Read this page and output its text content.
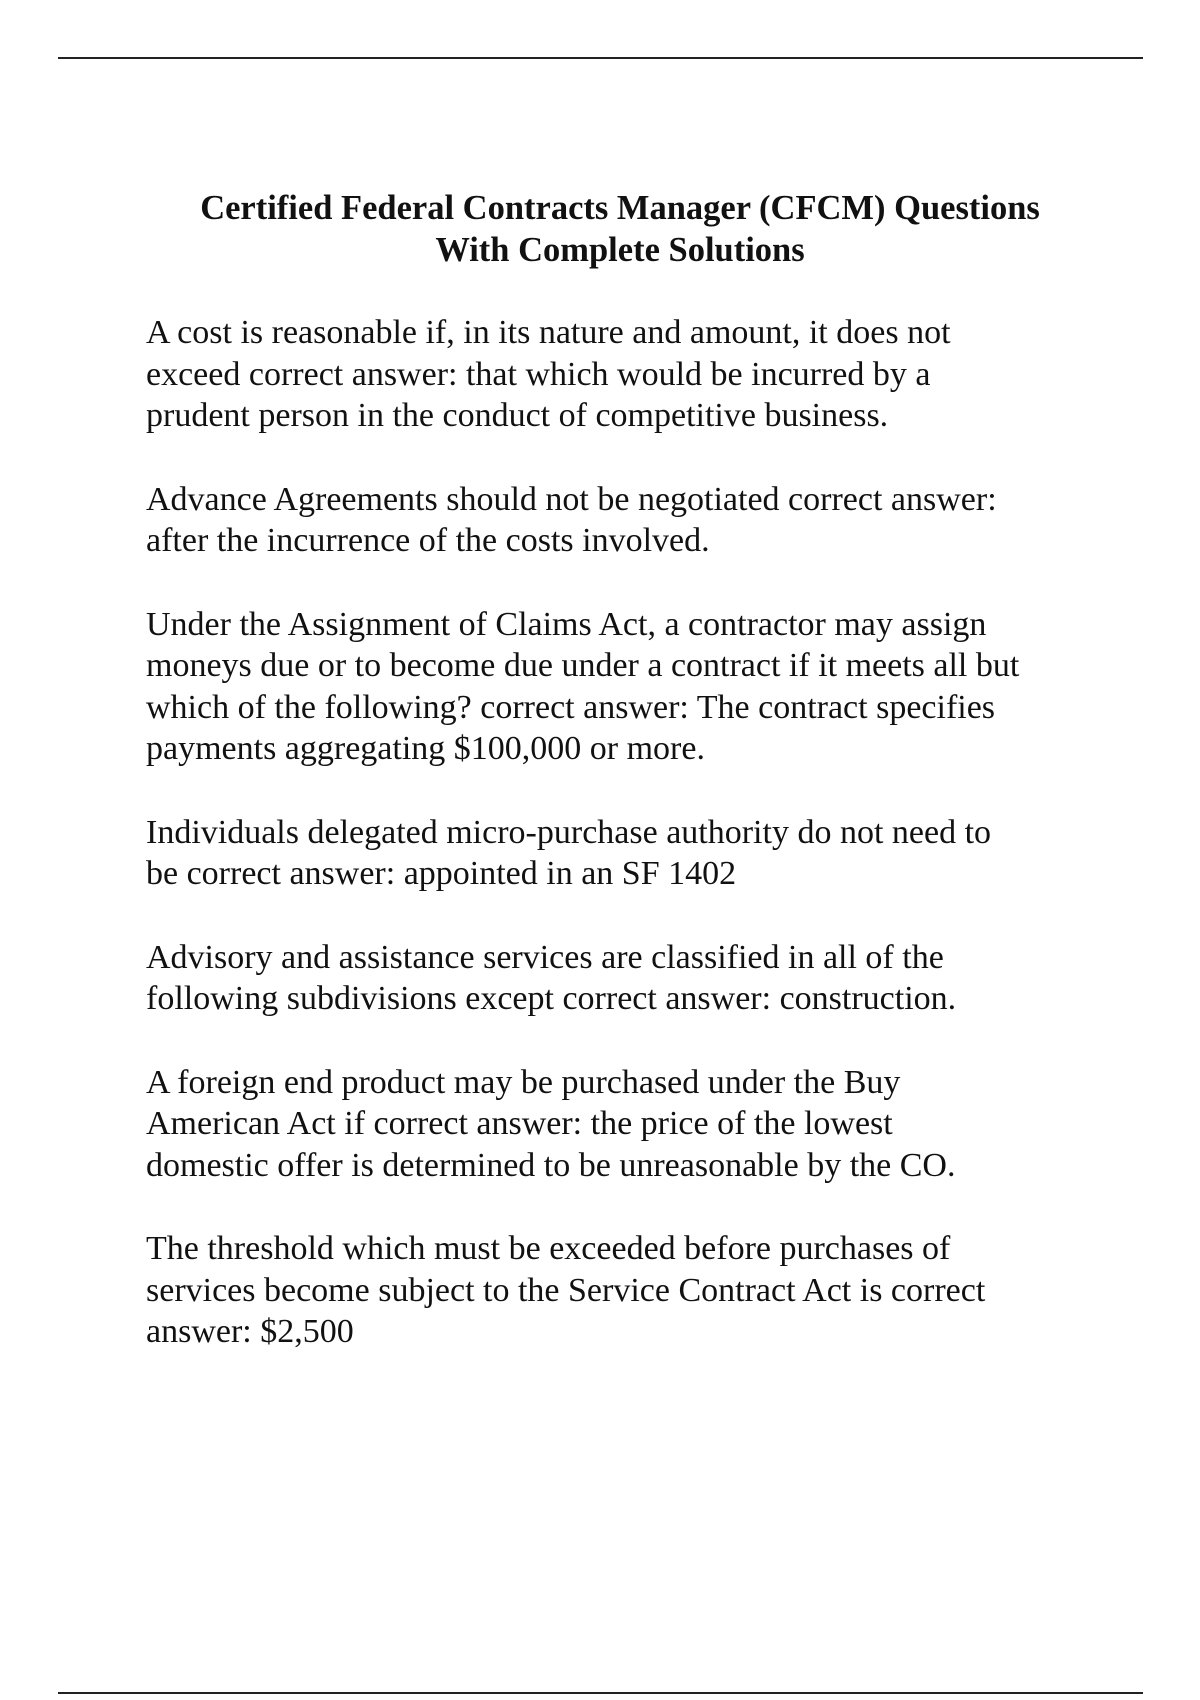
Certified Federal Contracts Manager (CFCM) Questions
With Complete Solutions

A cost is reasonable if, in its nature and amount, it does not
exceed correct answer: that which would be incurred by a
prudent person in the conduct of competitive business.

Advance Agreements should not be negotiated correct answer:
after the incurrence of the costs involved.

Under the Assignment of Claims Act, a contractor may assign
moneys due or to become due under a contract if it meets all but
which of the following? correct answer: The contract specifies
payments aggregating $100,000 or more.

Individuals delegated micro-purchase authority do not need to
be correct answer: appointed in an SF 1402

Advisory and assistance services are classified in all of the
following subdivisions except correct answer: construction.

A foreign end product may be purchased under the Buy
American Act if correct answer: the price of the lowest
domestic offer is determined to be unreasonable by the CO.

The threshold which must be exceeded before purchases of
services become subject to the Service Contract Act is correct
answer: $2,500
